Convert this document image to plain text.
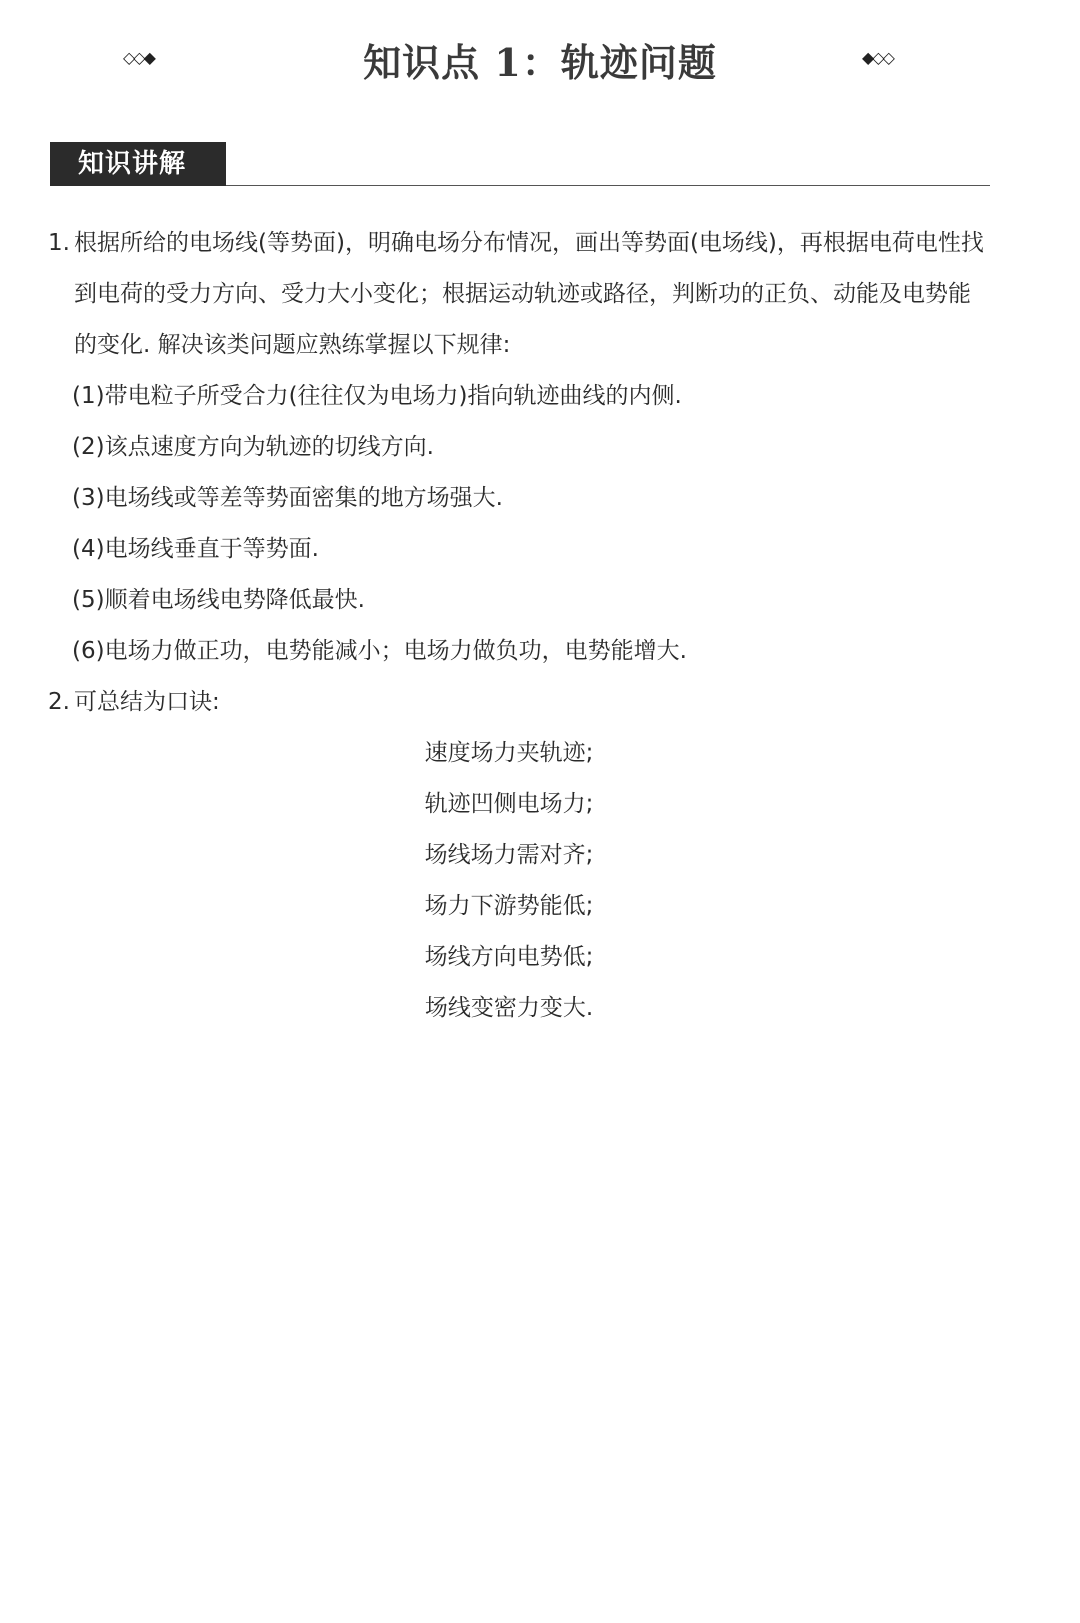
◇◇◆	知识点 1：轨迹问题	◆◇◇
知识讲解
1. 根据所给的电场线(等势面)，明确电场分布情况，画出等势面(电场线)，再根据电荷电性找到电荷的受力方向、受力大小变化；根据运动轨迹或路径，判断功的正负、动能及电势能的变化. 解决该类问题应熟练掌握以下规律:
(1)带电粒子所受合力(往往仅为电场力)指向轨迹曲线的内侧.
(2)该点速度方向为轨迹的切线方向.
(3)电场线或等差等势面密集的地方场强大.
(4)电场线垂直于等势面.
(5)顺着电场线电势降低最快.
(6)电场力做正功，电势能减小；电场力做负功，电势能增大.
2. 可总结为口诀:
速度场力夹轨迹;
轨迹凹侧电场力;
场线场力需对齐;
场力下游势能低;
场线方向电势低;
场线变密力变大.
